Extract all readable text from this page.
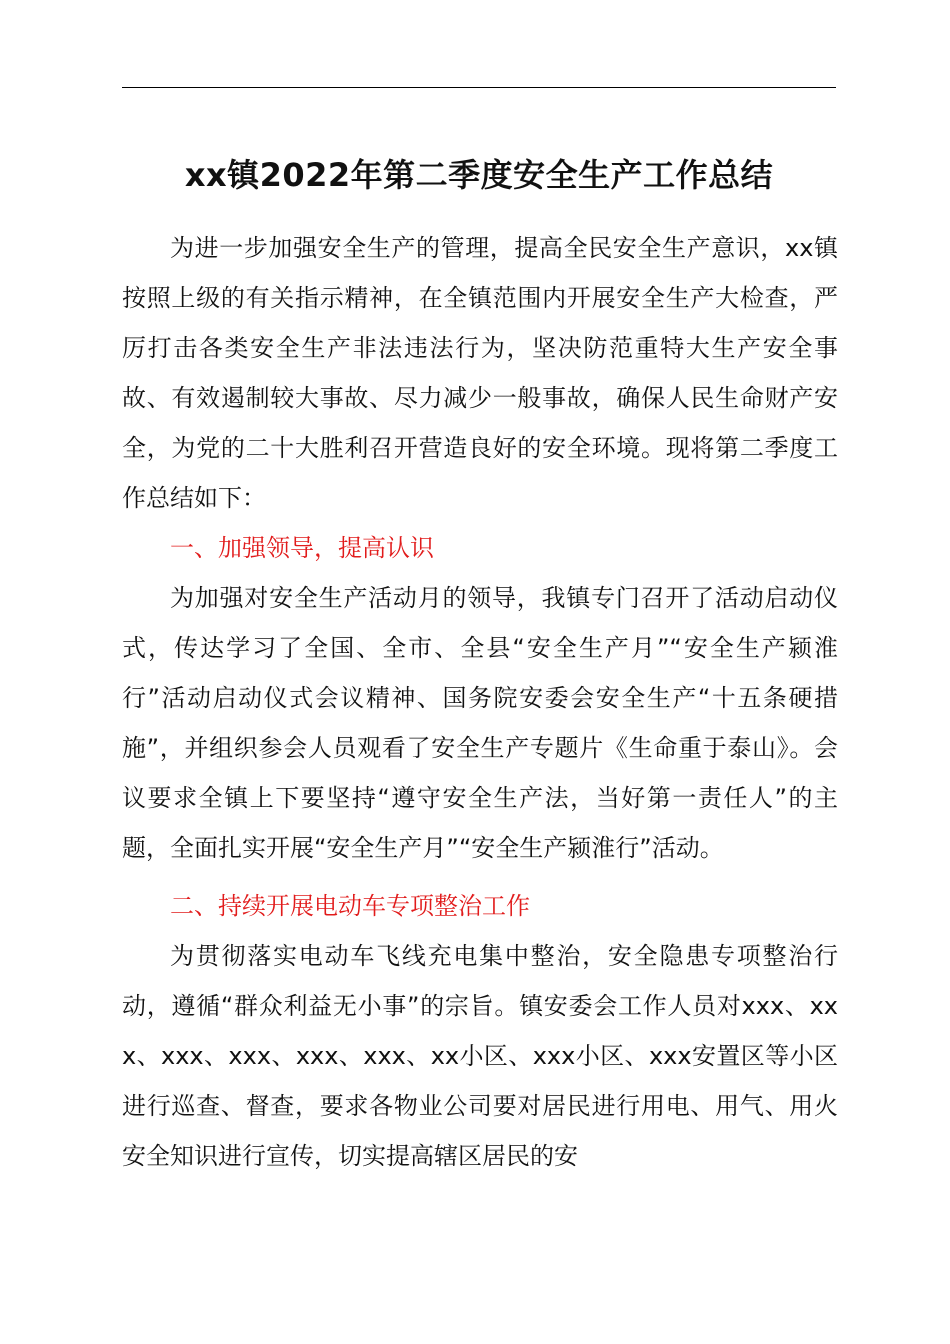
xx镇2022年第二季度安全生产工作总结

为进一步加强安全生产的管理，提高全民安全生产意识，xx镇按照上级的有关指示精神，在全镇范围内开展安全生产大检查，严厉打击各类安全生产非法违法行为，坚决防范重特大生产安全事故、有效遏制较大事故、尽力减少一般事故，确保人民生命财产安全，为党的二十大胜利召开营造良好的安全环境。现将第二季度工作总结如下：

一、加强领导，提高认识

为加强对安全生产活动月的领导，我镇专门召开了活动启动仪式，传达学习了全国、全市、全县“安全生产月”“安全生产颍淮行”活动启动仪式会议精神、国务院安委会安全生产“十五条硬措施”，并组织参会人员观看了安全生产专题片《生命重于泰山》。会议要求全镇上下要坚持“遵守安全生产法，当好第一责任人”的主题，全面扎实开展“安全生产月”“安全生产颍淮行”活动。

二、持续开展电动车专项整治工作

为贯彻落实电动车飞线充电集中整治，安全隐患专项整治行动，遵循“群众利益无小事”的宗旨。镇安委会工作人员对xxx、xxx、xxx、xxx、xxx、xxx、xx小区、xxx小区、xxx安置区等小区进行巡查、督查，要求各物业公司要对居民进行用电、用气、用火安全知识进行宣传，切实提高辖区居民的安
